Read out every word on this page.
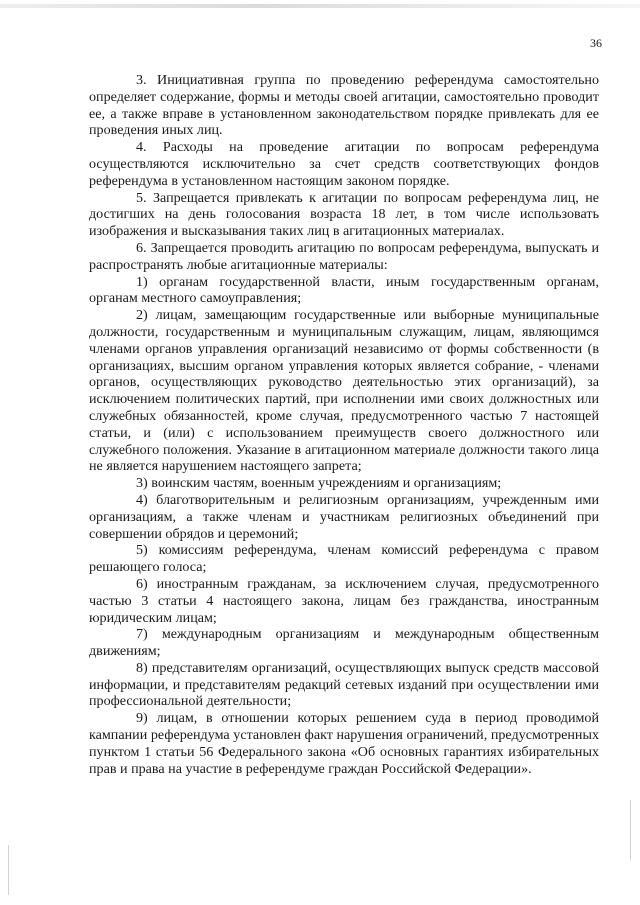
36

3. Инициативная группа по проведению референдума самостоятельно определяет содержание, формы и методы своей агитации, самостоятельно проводит ее, а также вправе в установленном законодательством порядке привлекать для ее проведения иных лиц.

4. Расходы на проведение агитации по вопросам референдума осуществляются исключительно за счет средств соответствующих фондов референдума в установленном настоящим законом порядке.

5. Запрещается привлекать к агитации по вопросам референдума лиц, не достигших на день голосования возраста 18 лет, в том числе использовать изображения и высказывания таких лиц в агитационных материалах.

6. Запрещается проводить агитацию по вопросам референдума, выпускать и распространять любые агитационные материалы:

1) органам государственной власти, иным государственным органам, органам местного самоуправления;

2) лицам, замещающим государственные или выборные муниципальные должности, государственным и муниципальным служащим, лицам, являющимся членами органов управления организаций независимо от формы собственности (в организациях, высшим органом управления которых является собрание, - членами органов, осуществляющих руководство деятельностью этих организаций), за исключением политических партий, при исполнении ими своих должностных или служебных обязанностей, кроме случая, предусмотренного частью 7 настоящей статьи, и (или) с использованием преимуществ своего должностного или служебного положения. Указание в агитационном материале должности такого лица не является нарушением настоящего запрета;

3) воинским частям, военным учреждениям и организациям;

4) благотворительным и религиозным организациям, учрежденным ими организациям, а также членам и участникам религиозных объединений при совершении обрядов и церемоний;

5) комиссиям референдума, членам комиссий референдума с правом решающего голоса;

6) иностранным гражданам, за исключением случая, предусмотренного частью 3 статьи 4 настоящего закона, лицам без гражданства, иностранным юридическим лицам;

7) международным организациям и международным общественным движениям;

8) представителям организаций, осуществляющих выпуск средств массовой информации, и представителям редакций сетевых изданий при осуществлении ими профессиональной деятельности;

9) лицам, в отношении которых решением суда в период проводимой кампании референдума установлен факт нарушения ограничений, предусмотренных пунктом 1 статьи 56 Федерального закона «Об основных гарантиях избирательных прав и права на участие в референдуме граждан Российской Федерации».
